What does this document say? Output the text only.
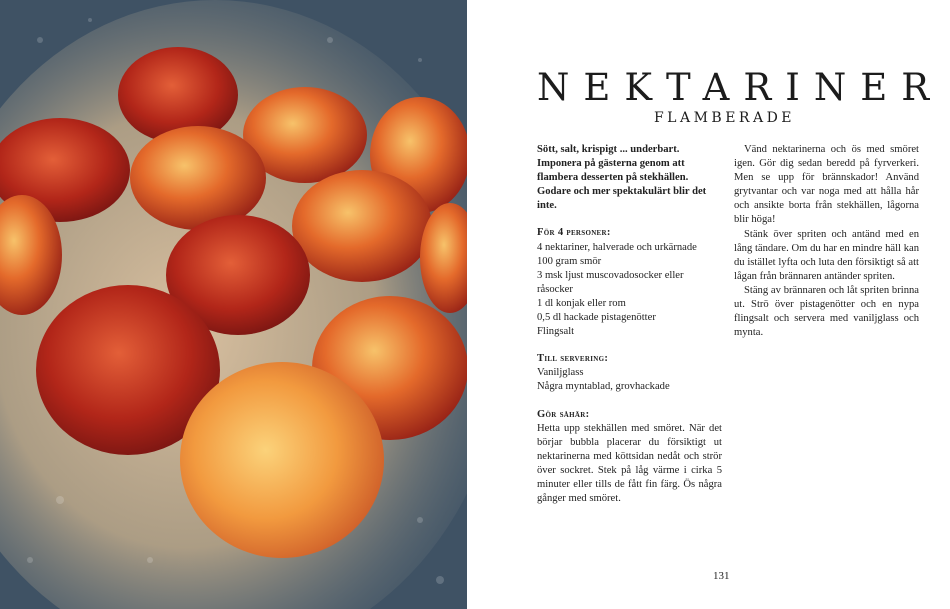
NEKTARINER
FLAMBERADE

Sött, salt, krispigt ... underbart. Imponera på gästerna genom att flambera desserten på stekhällen. Godare och mer spektakulärt blir det inte.

För 4 personer:
4 nektariner, halverade och urkärnade
100 gram smör
3 msk ljust muscovadosocker eller råsocker
1 dl konjak eller rom
0,5 dl hackade pistagenötter
Flingsalt
Till servering:
Vaniljglass
Några myntablad, grovhackade
Gör såhär:

Hetta upp stekhällen med smöret. När det börjar bubbla placerar du försiktigt ut nektarinerna med köttsidan nedåt och strör över sockret. Stek på låg värme i cirka 5 minuter eller tills de fått fin färg. Ös några gånger med smöret.

Vänd nektarinerna och ös med smöret igen. Gör dig sedan beredd på fyrverkeri. Men se upp för brännskador! Använd grytvantar och var noga med att hålla hår och ansikte borta från stekhällen, lågorna blir höga!

Stänk över spriten och antänd med en lång tändare. Om du har en mindre häll kan du istället lyfta och luta den försiktigt så att lågan från brännaren antänder spriten.

Stäng av brännaren och låt spriten brinna ut. Strö över pistagenötter och en nypa flingsalt och servera med vaniljglass och mynta.

131
